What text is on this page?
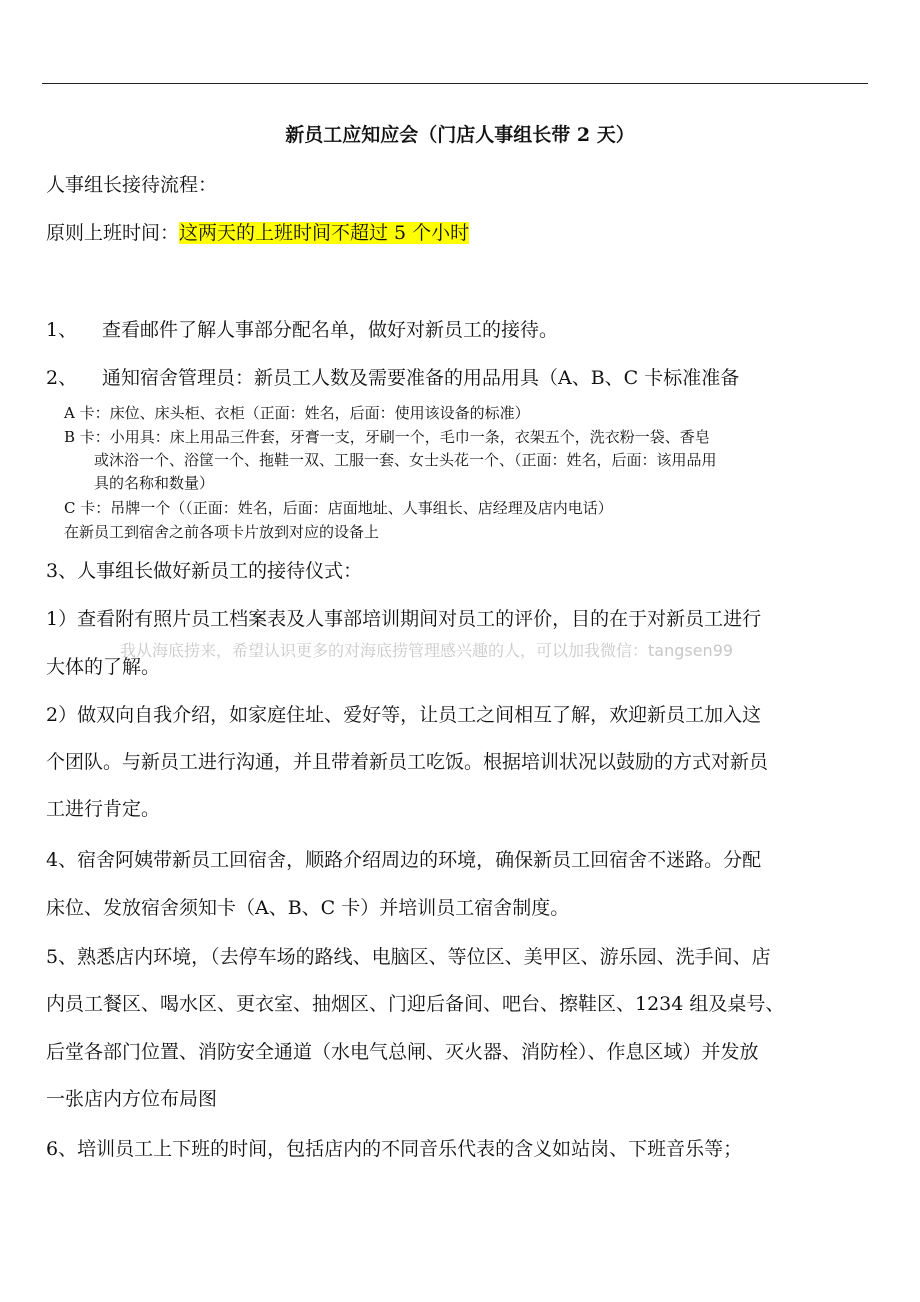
新员工应知应会（门店人事组长带 2 天）

人事组长接待流程：

原则上班时间：这两天的上班时间不超过 5 个小时

1、 查看邮件了解人事部分配名单，做好对新员工的接待。

2、 通知宿舍管理员：新员工人数及需要准备的用品用具（A、B、C 卡标准准备

A 卡：床位、床头柜、衣柜（正面：姓名，后面：使用该设备的标准）

B 卡：小用具：床上用品三件套，牙膏一支，牙刷一个，毛巾一条，衣架五个，洗衣粉一袋、香皂

或沐浴一个、浴筐一个、拖鞋一双、工服一套、女士头花一个、（正面：姓名，后面：该用品用

具的名称和数量）

C 卡：吊牌一个（（正面：姓名，后面：店面地址、人事组长、店经理及店内电话）

在新员工到宿舍之前各项卡片放到对应的设备上

3、人事组长做好新员工的接待仪式：

1）查看附有照片员工档案表及人事部培训期间对员工的评价，目的在于对新员工进行

大体的了解。

我从海底捞来，希望认识更多的对海底捞管理感兴趣的人，可以加我微信：tangsen99

2）做双向自我介绍，如家庭住址、爱好等，让员工之间相互了解，欢迎新员工加入这

个团队。与新员工进行沟通，并且带着新员工吃饭。根据培训状况以鼓励的方式对新员

工进行肯定。

4、宿舍阿姨带新员工回宿舍，顺路介绍周边的环境，确保新员工回宿舍不迷路。分配

床位、发放宿舍须知卡（A、B、C 卡）并培训员工宿舍制度。

5、熟悉店内环境，（去停车场的路线、电脑区、等位区、美甲区、游乐园、洗手间、店

内员工餐区、喝水区、更衣室、抽烟区、门迎后备间、吧台、擦鞋区、1234 组及桌号、

后堂各部门位置、消防安全通道（水电气总闸、灭火器、消防栓）、作息区域）并发放

一张店内方位布局图

6、培训员工上下班的时间，包括店内的不同音乐代表的含义如站岗、下班音乐等；
